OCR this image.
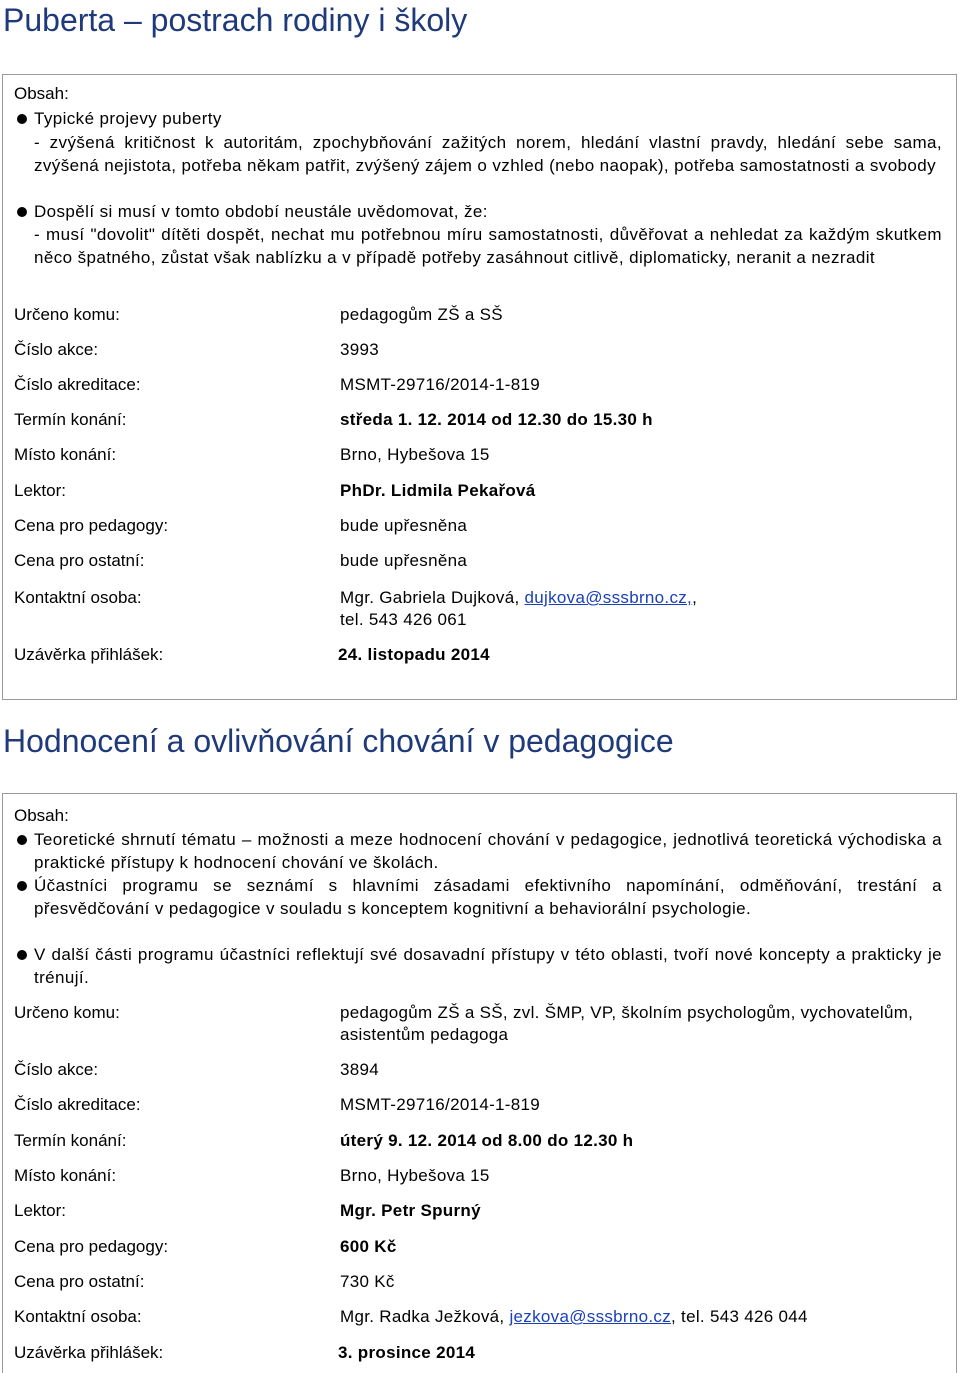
Puberta – postrach rodiny i školy
Obsah:
Typické projevy puberty
- zvýšená kritičnost k autoritám, zpochybňování zažitých norem, hledání vlastní pravdy, hledání sebe sama, zvýšená nejistota, potřeba někam patřit, zvýšený zájem o vzhled (nebo naopak), potřeba samostatnosti a svobody
Dospělí si musí v tomto období neustále uvědomovat, že:
- musí "dovolit" dítěti dospět, nechat mu potřebnou míru samostatnosti, důvěřovat a nehledat za každým skutkem něco špatného, zůstat však nablízku a v případě potřeby zasáhnout citlivě, diplomaticky, neranit a nezradit
Určeno komu:	pedagogům ZŠ a SŠ
Číslo akce:	3993
Číslo akreditace:	MSMT-29716/2014-1-819
Termín konání:	středa 1. 12. 2014 od 12.30 do 15.30 h
Místo konání:	Brno, Hybešova 15
Lektor:	PhDr. Lidmila Pekařová
Cena pro pedagogy:	bude upřesněna
Cena pro ostatní:	bude upřesněna
Kontaktní osoba:	Mgr. Gabriela Dujková, dujkova@sssbrno.cz,,
tel. 543 426 061
Uzávěrka přihlášek:	24. listopadu 2014
Hodnocení a ovlivňování chování v pedagogice
Obsah:
Teoretické shrnutí tématu – možnosti a meze hodnocení chování v pedagogice, jednotlivá teoretická východiska a praktické přístupy k hodnocení chování ve školách.
Účastníci programu se seznámí s hlavními zásadami efektivního napomínání, odměňování, trestání a přesvědčování v pedagogice v souladu s konceptem kognitivní a behaviorální psychologie.
V další části programu účastníci reflektují své dosavadní přístupy v této oblasti, tvoří nové koncepty a prakticky je trénují.
Určeno komu:	pedagogům ZŠ a SŠ, zvl. ŠMP, VP, školním psychologům, vychovatelům, asistentům pedagoga
Číslo akce:	3894
Číslo akreditace:	MSMT-29716/2014-1-819
Termín konání:	úterý 9. 12. 2014 od 8.00 do 12.30 h
Místo konání:	Brno, Hybešova 15
Lektor:	Mgr. Petr Spurný
Cena pro pedagogy:	600 Kč
Cena pro ostatní:	730 Kč
Kontaktní osoba:	Mgr. Radka Ježková, jezkova@sssbrno.cz, tel. 543 426 044
Uzávěrka přihlášek:	3. prosince 2014
